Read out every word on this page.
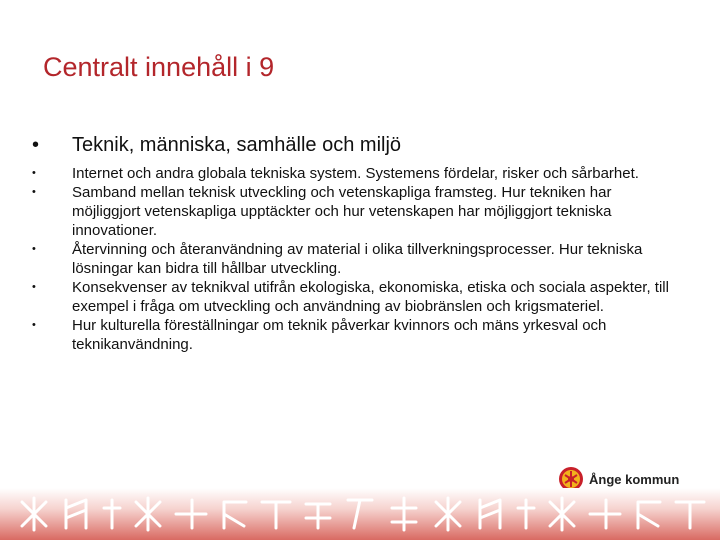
Centralt innehåll i 9
•	Teknik, människa, samhälle och miljö
•	Internet och andra globala tekniska system. Systemens fördelar, risker och sårbarhet.
•	Samband mellan teknisk utveckling och vetenskapliga framsteg. Hur tekniken har möjliggjort vetenskapliga upptäckter och hur vetenskapen har möjliggjort tekniska innovationer.
•	Återvinning och återanvändning av material i olika tillverkningsprocesser. Hur tekniska lösningar kan bidra till hållbar utveckling.
•	Konsekvenser av teknikval utifrån ekologiska, ekonomiska, etiska och sociala aspekter, till exempel i fråga om utveckling och användning av biobränslen och krigsmateriel.
•	Hur kulturella föreställningar om teknik påverkar kvinnors och mäns yrkesval och teknikanvändning.
Ånge kommun
